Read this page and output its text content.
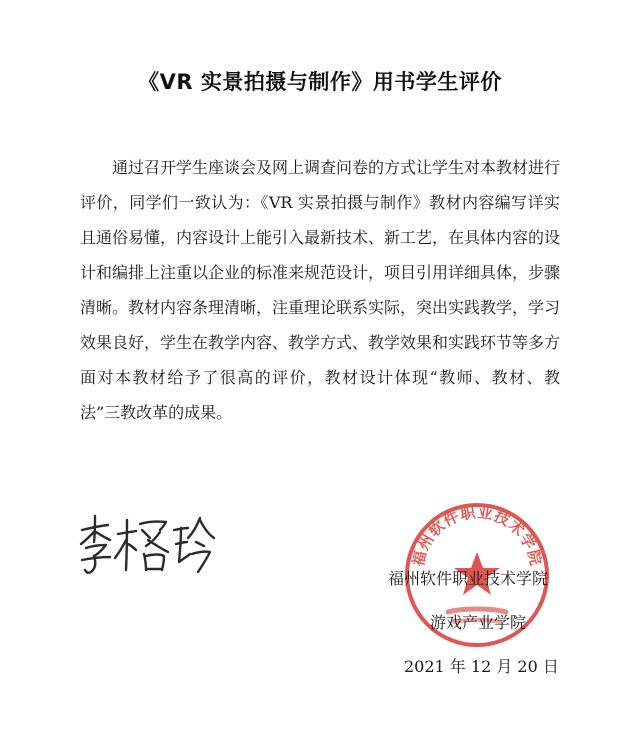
《VR 实景拍摄与制作》用书学生评价
通过召开学生座谈会及网上调查问卷的方式让学生对本教材进行评价，同学们一致认为：《VR 实景拍摄与制作》教材内容编写详实且通俗易懂，内容设计上能引入最新技术、新工艺，在具体内容的设计和编排上注重以企业的标准来规范设计，项目引用详细具体，步骤清晰。教材内容条理清晰，注重理论联系实际，突出实践教学，学习效果良好，学生在教学内容、教学方式、教学效果和实践环节等多方面对本教材给予了很高的评价，教材设计体现“教师、教材、教法”三教改革的成果。
福州软件职业技术学院
福州软件职业技术学院
游戏产业学院
2021 年 12 月 20 日
